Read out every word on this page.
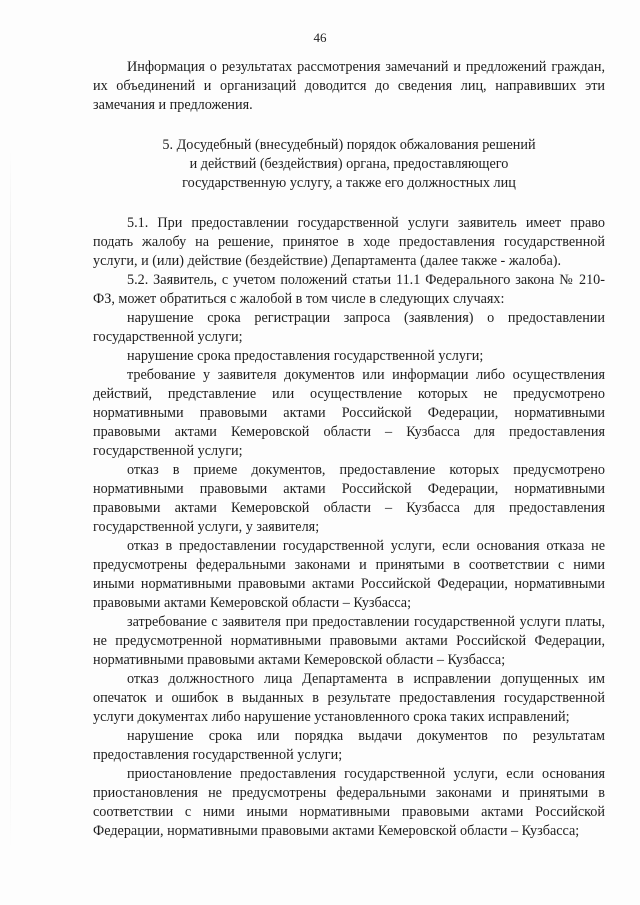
46

Информация о результатах рассмотрения замечаний и предложений граждан, их объединений и организаций доводится до сведения лиц, направивших эти замечания и предложения.

5. Досудебный (внесудебный) порядок обжалования решений
и действий (бездействия) органа, предоставляющего
государственную услугу, а также его должностных лиц

5.1. При предоставлении государственной услуги заявитель имеет право подать жалобу на решение, принятое в ходе предоставления государственной услуги, и (или) действие (бездействие) Департамента (далее также - жалоба).

5.2. Заявитель, с учетом положений статьи 11.1 Федерального закона № 210-ФЗ, может обратиться с жалобой в том числе в следующих случаях:

нарушение срока регистрации запроса (заявления) о предоставлении государственной услуги;

нарушение срока предоставления государственной услуги;

требование у заявителя документов или информации либо осуществления действий, представление или осуществление которых не предусмотрено нормативными правовыми актами Российской Федерации, нормативными правовыми актами Кемеровской области – Кузбасса для предоставления государственной услуги;

отказ в приеме документов, предоставление которых предусмотрено нормативными правовыми актами Российской Федерации, нормативными правовыми актами Кемеровской области – Кузбасса для предоставления государственной услуги, у заявителя;

отказ в предоставлении государственной услуги, если основания отказа не предусмотрены федеральными законами и принятыми в соответствии с ними иными нормативными правовыми актами Российской Федерации, нормативными правовыми актами Кемеровской области – Кузбасса;

затребование с заявителя при предоставлении государственной услуги платы, не предусмотренной нормативными правовыми актами Российской Федерации, нормативными правовыми актами Кемеровской области – Кузбасса;

отказ должностного лица Департамента в исправлении допущенных им опечаток и ошибок в выданных в результате предоставления государственной услуги документах либо нарушение установленного срока таких исправлений;

нарушение срока или порядка выдачи документов по результатам предоставления государственной услуги;

приостановление предоставления государственной услуги, если основания приостановления не предусмотрены федеральными законами и принятыми в соответствии с ними иными нормативными правовыми актами Российской Федерации, нормативными правовыми актами Кемеровской области – Кузбасса;
